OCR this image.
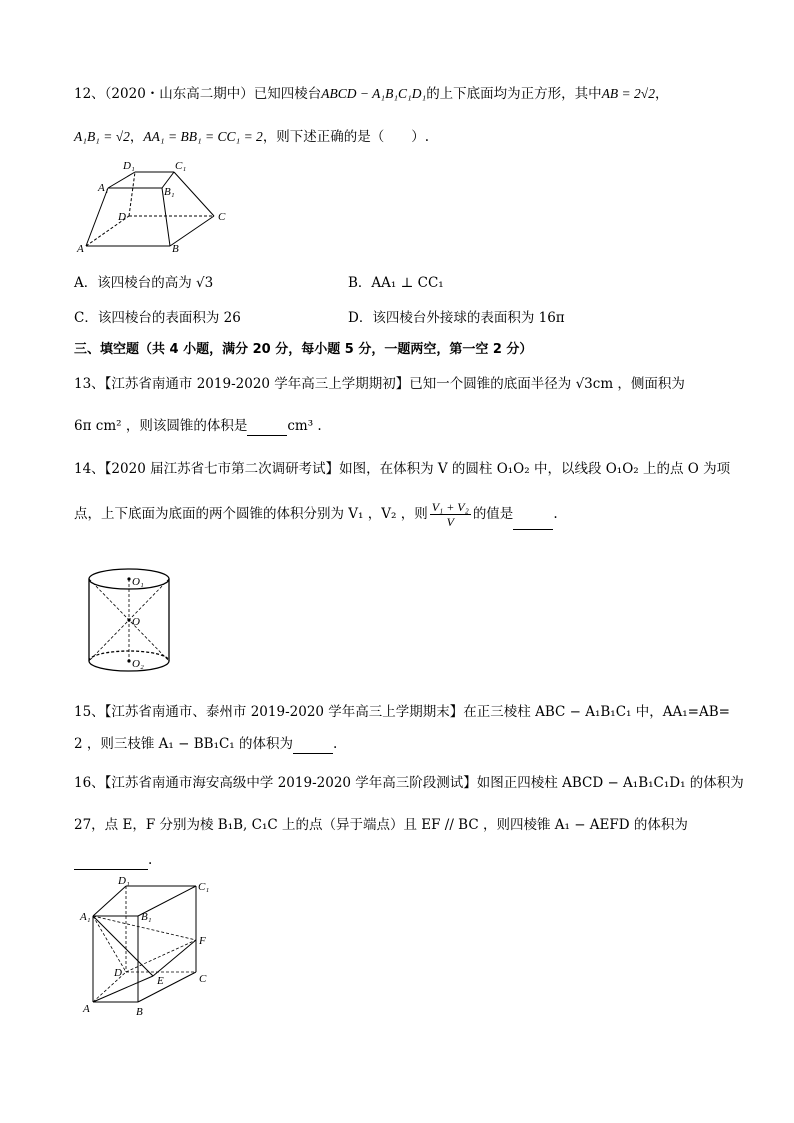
12、（2020・山东高二期中）已知四棱台ABCD − A₁B₁C₁D₁的上下底面均为正方形，其中AB = 2√2，
A₁B₁ = √2，AA₁ = BB₁ = CC₁ = 2，则下述正确的是（　　）.
D₁	C₁
A₁	B₁
D	C
A	B
A．该四棱台的高为 √3	B．AA₁ ⊥ CC₁
C．该四棱台的表面积为 26	D．该四棱台外接球的表面积为 16π
三、填空题（共 4 小题，满分 20 分，每小题 5 分，一题两空，第一空 2 分）
13、【江苏省南通市 2019-2020 学年高三上学期期初】已知一个圆锥的底面半径为 √3cm ，侧面积为
6π cm² ，则该圆锥的体积是	cm³ .
14、【2020 届江苏省七市第二次调研考试】如图，在体积为 V 的圆柱 O₁O₂ 中，以线段 O₁O₂ 上的点 O 为项
点，上下底面为底面的两个圆锥的体积分别为 V₁ ，V₂ ，则 $\frac{\text{V₁ + V₂}}{V}$ 的值是	.
O₁
O
O₂
15、【江苏省南通市、泰州市 2019-2020 学年高三上学期期末】在正三棱柱 ABC − A₁B₁C₁ 中，AA₁=AB=
2 ，则三枝锥 A₁ − BB₁C₁ 的体积为	.
16、【江苏省南通市海安高级中学 2019-2020 学年高三阶段测试】如图正四棱柱 ABCD − A₁B₁C₁D₁ 的体积为
27，点 E，F 分别为棱 B₁B, C₁C 上的点（异于端点）且 EF // BC ，则四棱锥 A₁ − AEFD 的体积为
.
D₁	C₁
A₁	B₁
F
D
E	C
A	B
